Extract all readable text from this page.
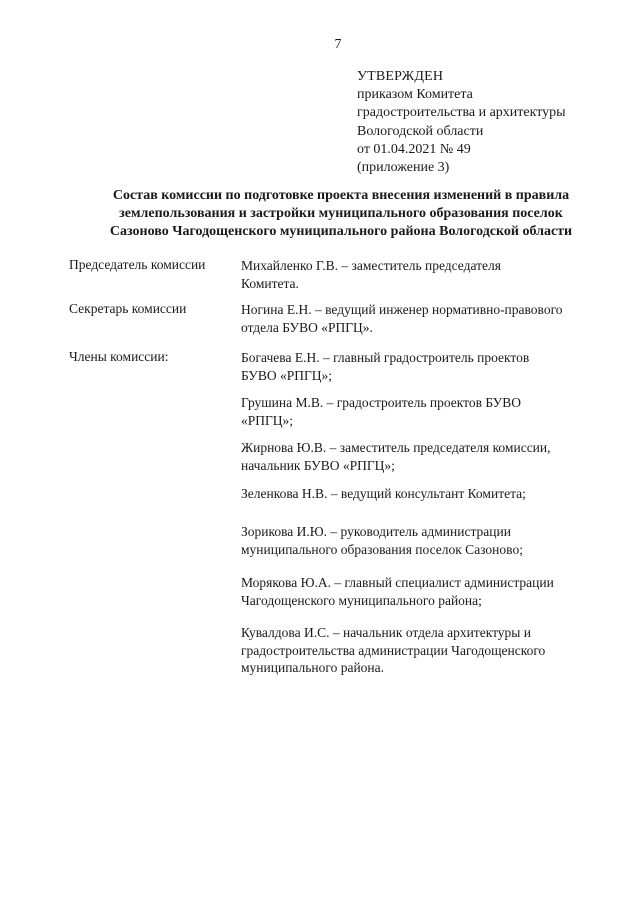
7
УТВЕРЖДЕН
приказом Комитета
градостроительства и архитектуры
Вологодской области
от 01.04.2021 № 49
(приложение 3)
Состав комиссии по подготовке проекта внесения изменений в правила
землепользования и застройки муниципального образования поселок
Сазоново Чагодощенского муниципального района Вологодской области
Председатель комиссии
Секретарь комиссии
Члены комиссии:
Михайленко Г.В. – заместитель председателя
Комитета.
Ногина Е.Н. – ведущий инженер нормативно-правового
отдела БУВО «РПГЦ».
Богачева Е.Н. – главный градостроитель проектов
БУВО «РПГЦ»;
Грушина М.В. – градостроитель проектов БУВО
«РПГЦ»;
Жирнова Ю.В. – заместитель председателя комиссии,
начальник БУВО «РПГЦ»;
Зеленкова Н.В. – ведущий консультант Комитета;
Зорикова И.Ю. – руководитель администрации
муниципального образования поселок Сазоново;
Морякова Ю.А. – главный специалист администрации
Чагодощенского муниципального района;
Кувалдова И.С. – начальник отдела архитектуры и
градостроительства администрации Чагодощенского
муниципального района.
